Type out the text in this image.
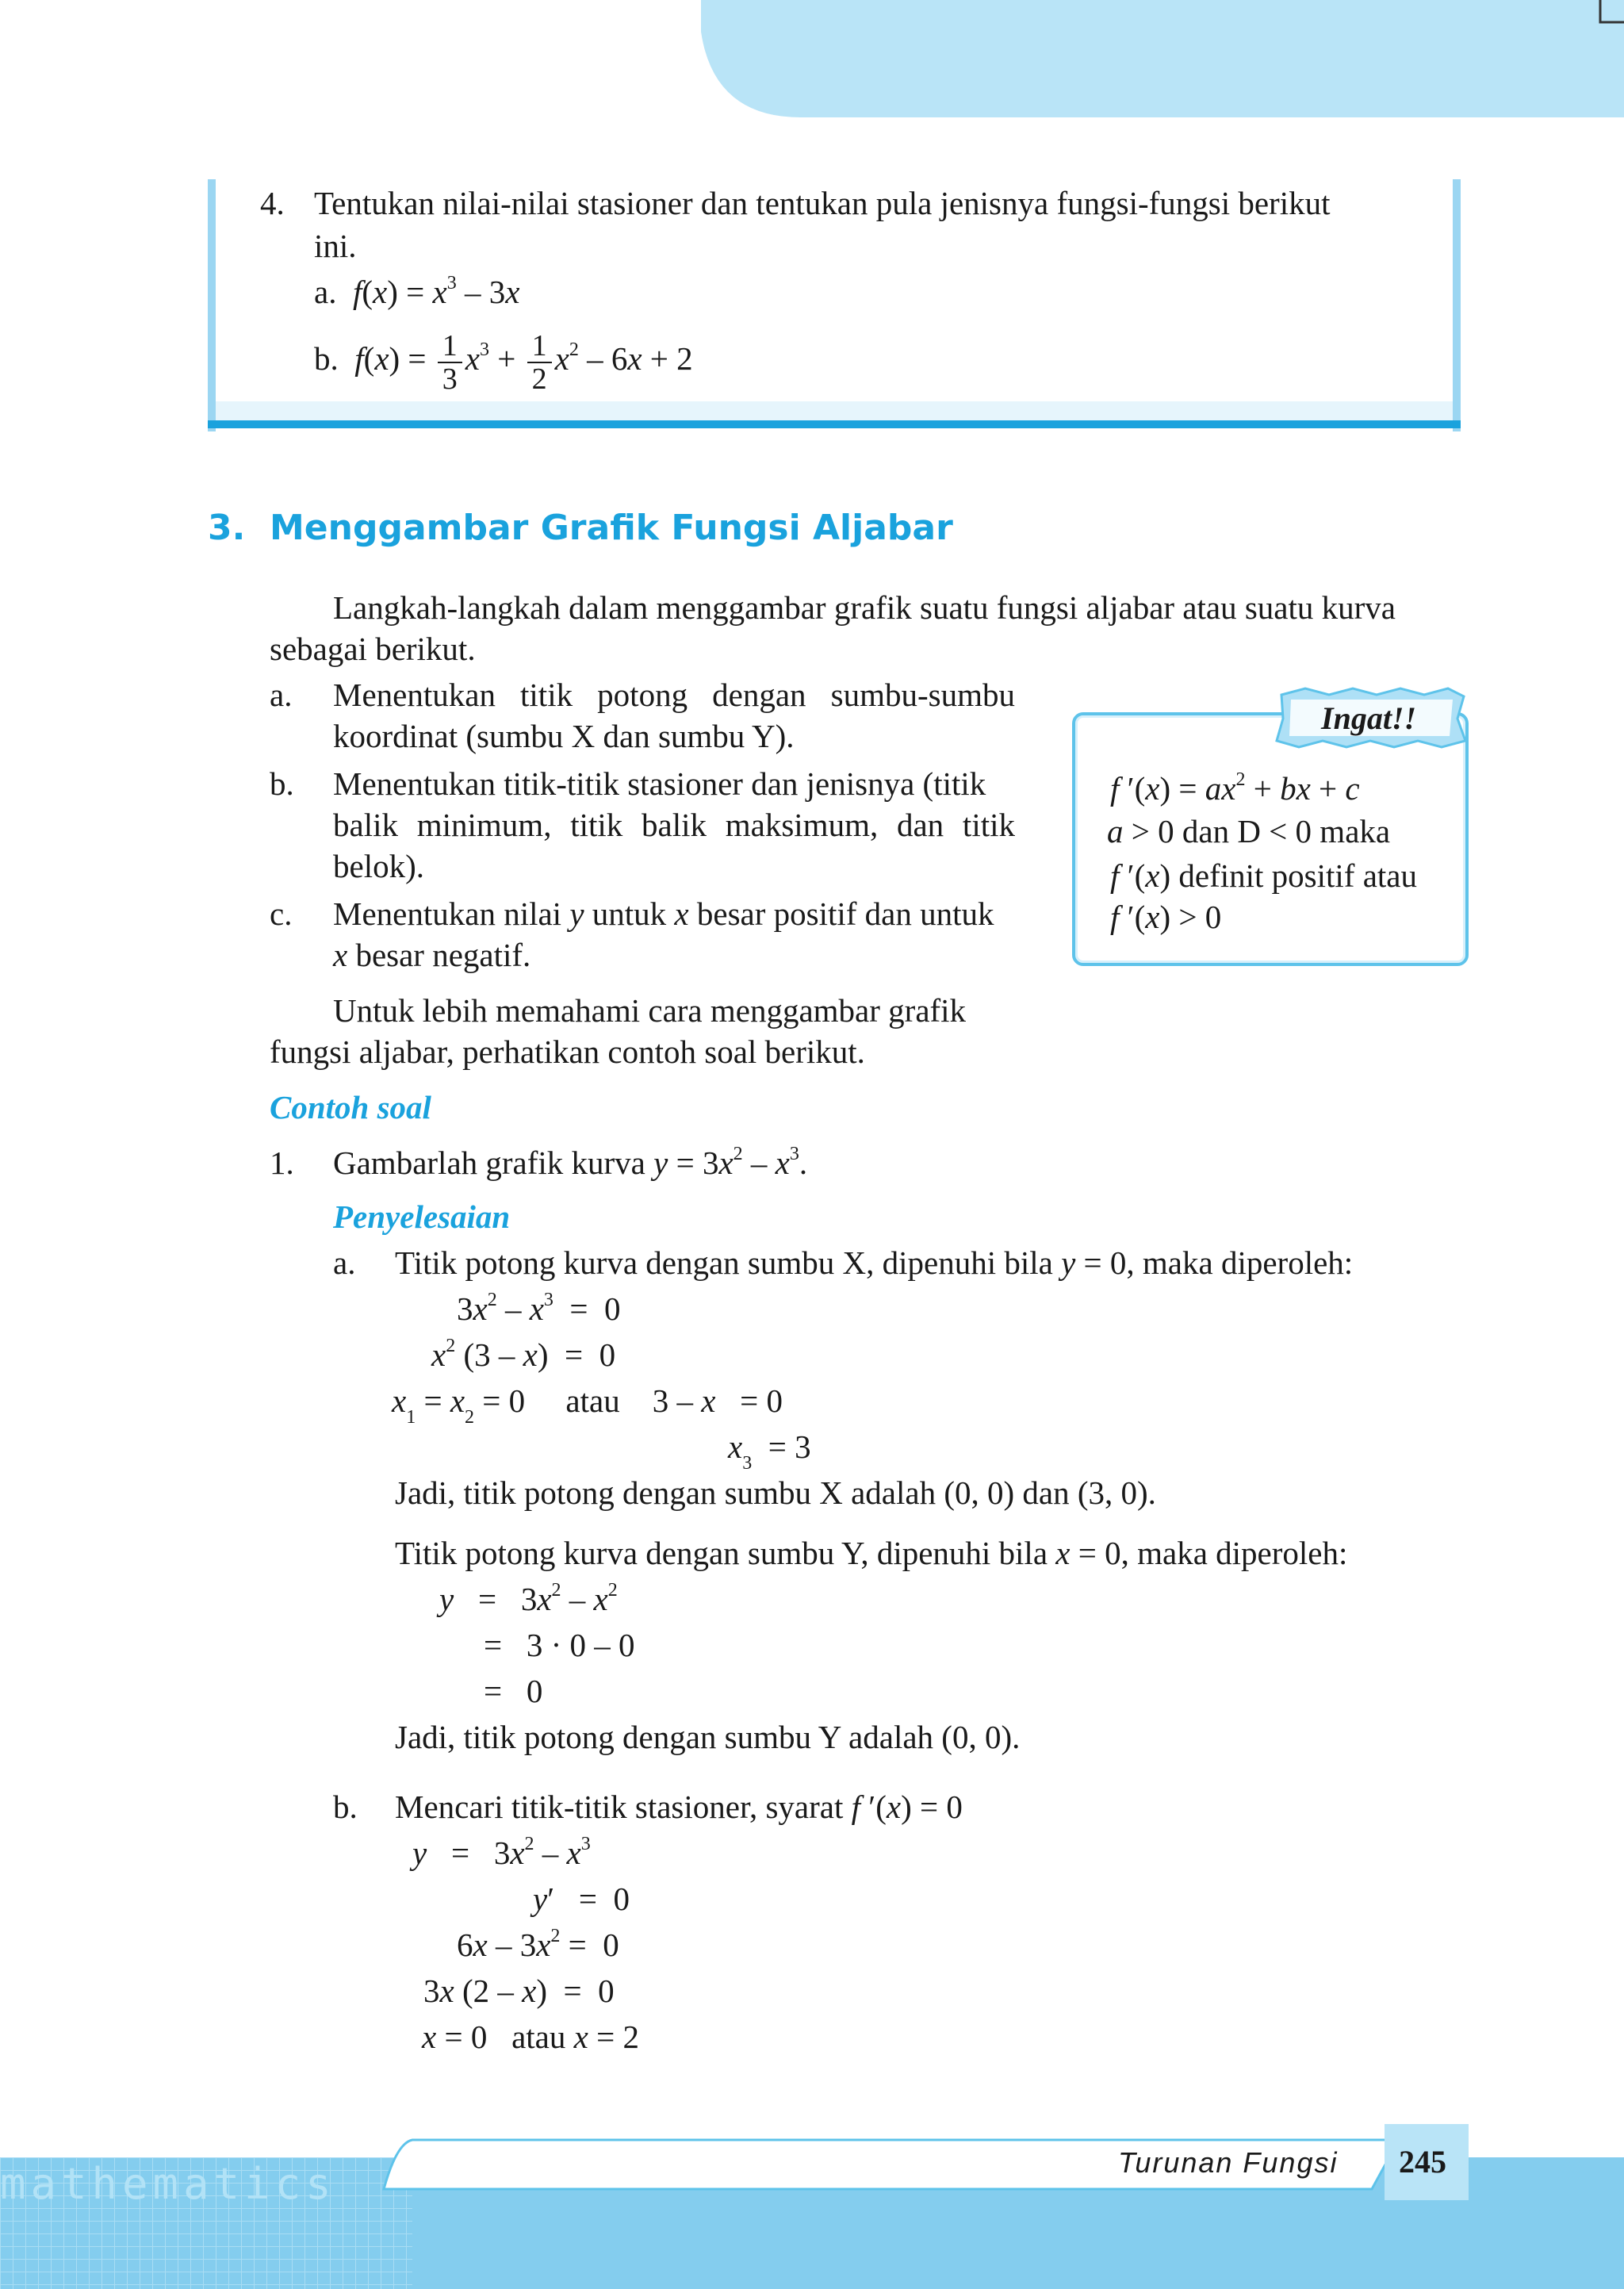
4. Tentukan nilai-nilai stasioner dan tentukan pula jenisnya fungsi-fungsi berikut
ini.
a. $f(x) = x^3 - 3x$
b. $f(x) = \frac{1}{3} x^3 + \frac{1}{2} x^2 - 6x + 2$
3. Menggambar Grafik Fungsi Aljabar
Langkah-langkah dalam menggambar grafik suatu fungsi aljabar atau suatu kurva
sebagai berikut.
a. Menentukan titik potong dengan sumbu-sumbu
koordinat (sumbu X dan sumbu Y).
b. Menentukan titik-titik stasioner dan jenisnya (titik
balik minimum, titik balik maksimum, dan titik
belok).
c. Menentukan nilai y untuk x besar positif dan untuk
x besar negatif.
Untuk lebih memahami cara menggambar grafik
fungsi aljabar, perhatikan contoh soal berikut.
Ingat!!
f $'(x) = ax^2$ + bx + c
a > 0 dan D < 0 maka
f ′(x) definit positif atau
f ′(x) > 0
Contoh soal
1. Gambarlah grafik kurva $y = 3x^2 - x^3$.
Penyelesaian
a. Titik potong kurva dengan sumbu X, dipenuhi bila y = 0, maka diperoleh:
$3x^2 - x^3 = 0$
$x^2$ (3 – x)  =  0
$x_1 = x_2 = 0$     atau    3 – x   = 0
$x_3 = 3$
Jadi, titik potong dengan sumbu X adalah (0, 0) dan (3, 0).
Titik potong kurva dengan sumbu Y, dipenuhi bila x = 0, maka diperoleh:
$y = 3x^2 - x^2$
=   3 · 0 – 0
=   0
Jadi, titik potong dengan sumbu Y adalah (0, 0).
b. Mencari titik-titik stasioner, syarat f ′(x) = 0
$y = 3x^2 - x^3$
y′   =  0
$6x - 3x^2 = 0$
3x (2 – x)  =  0
x = 0   atau x = 2
mathematics	Turunan Fungsi 245
